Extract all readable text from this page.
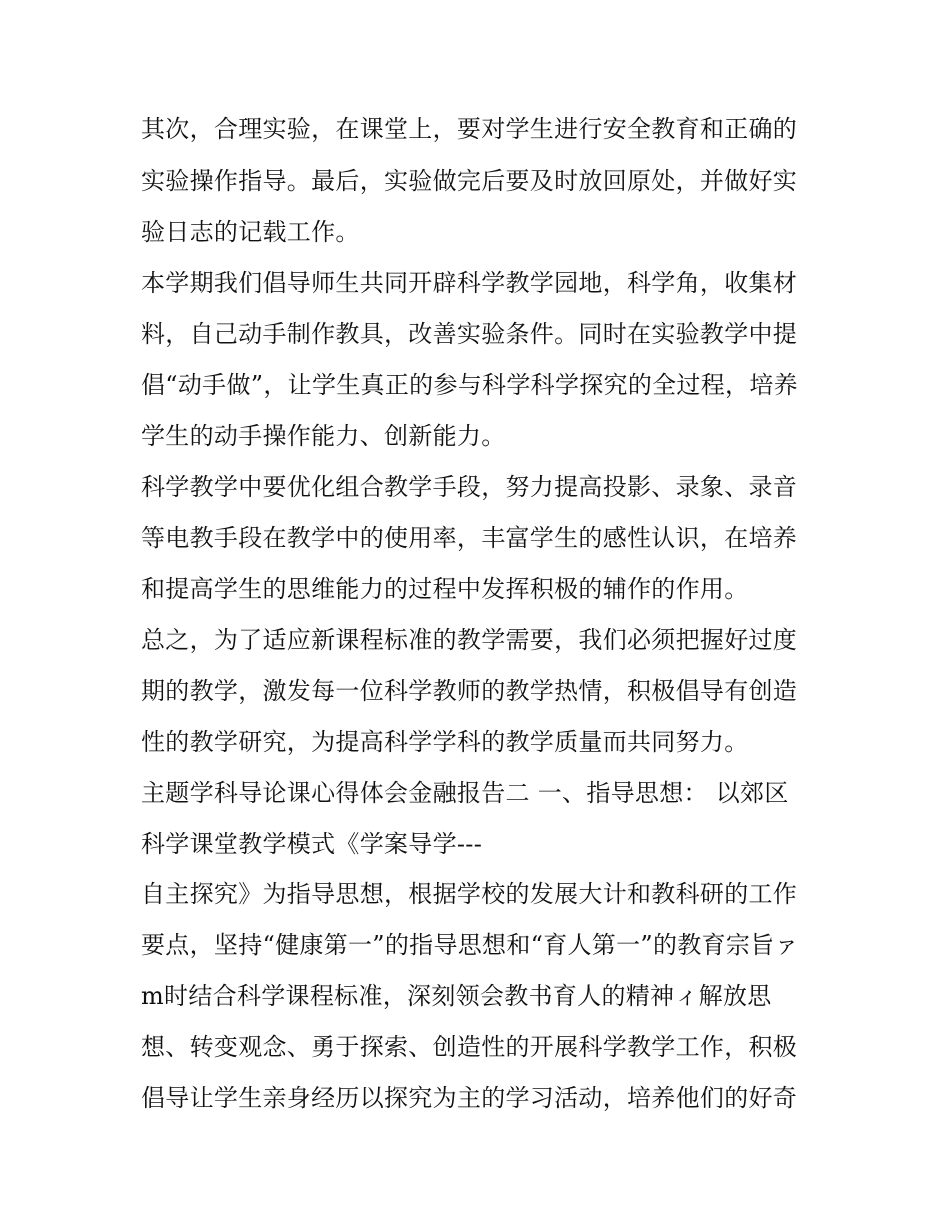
其次，合理实验，在课堂上，要对学生进行安全教育和正确的
实验操作指导。最后，实验做完后要及时放回原处，并做好实
验日志的记载工作。
本学期我们倡导师生共同开辟科学教学园地，科学角，收集材
料，自己动手制作教具，改善实验条件。同时在实验教学中提
倡“动手做”，让学生真正的参与科学科学探究的全过程，培养
学生的动手操作能力、创新能力。
科学教学中要优化组合教学手段，努力提高投影、录象、录音
等电教手段在教学中的使用率，丰富学生的感性认识，在培养
和提高学生的思维能力的过程中发挥积极的辅作的作用。
总之，为了适应新课程标准的教学需要，我们必须把握好过度
期的教学，激发每一位科学教师的教学热情，积极倡导有创造
性的教学研究，为提高科学学科的教学质量而共同努力。
主题学科导论课心得体会金融报告二 一、指导思想： 以郊区
科学课堂教学模式《学案导学---
自主探究》为指导思想，根据学校的发展大计和教科研的工作
要点，坚持“健康第一”的指导思想和“育人第一”的教育宗旨ァ
m时结合科学课程标准，深刻领会教书育人的精神ィ解放思
想、转变观念、勇于探索、创造性的开展科学教学工作，积极
倡导让学生亲身经历以探究为主的学习活动，培养他们的好奇
